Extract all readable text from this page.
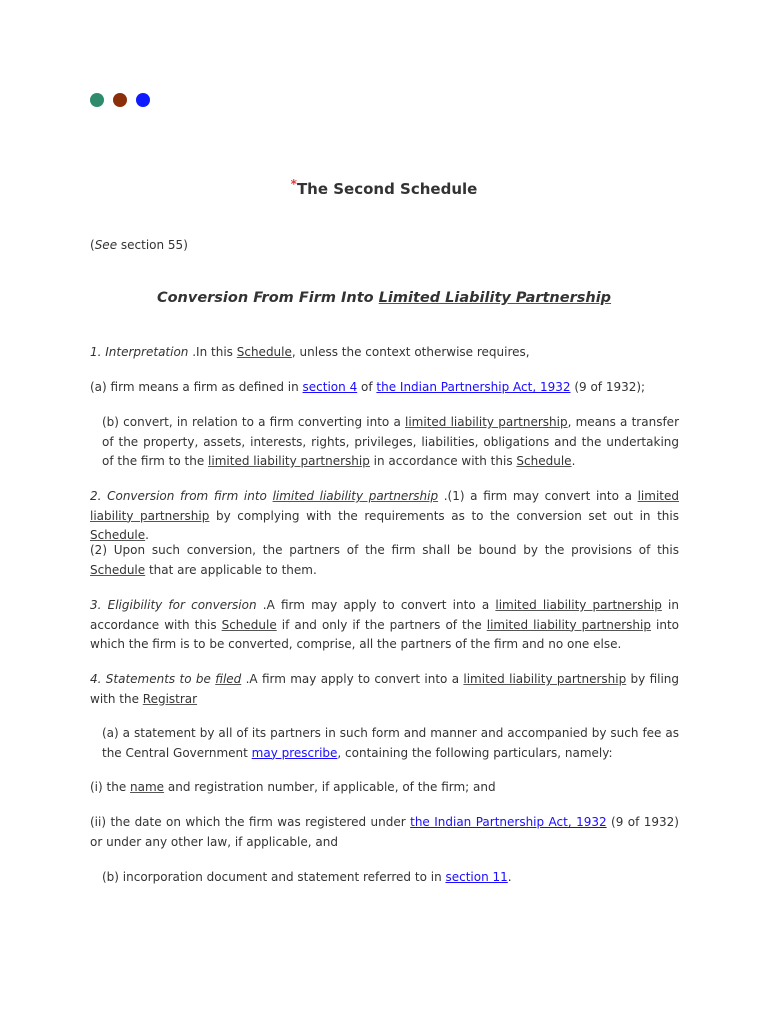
*The Second Schedule
(See section 55)
Conversion From Firm Into Limited Liability Partnership

1. Interpretation .In this Schedule, unless the context otherwise requires,

(a) firm means a firm as defined in section 4 of the Indian Partnership Act, 1932 (9 of 1932);

(b) convert, in relation to a firm converting into a limited liability partnership, means a transfer of the property, assets, interests, rights, privileges, liabilities, obligations and the undertaking of the firm to the limited liability partnership in accordance with this Schedule.

2. Conversion from firm into limited liability partnership .(1) a firm may convert into a limited liability partnership by complying with the requirements as to the conversion set out in this Schedule.

(2) Upon such conversion, the partners of the firm shall be bound by the provisions of this Schedule that are applicable to them.

3. Eligibility for conversion .A firm may apply to convert into a limited liability partnership in accordance with this Schedule if and only if the partners of the limited liability partnership into which the firm is to be converted, comprise, all the partners of the firm and no one else.

4. Statements to be filed .A firm may apply to convert into a limited liability partnership by filing with the Registrar

(a) a statement by all of its partners in such form and manner and accompanied by such fee as the Central Government may prescribe, containing the following particulars, namely:

(i) the name and registration number, if applicable, of the firm; and

(ii) the date on which the firm was registered under the Indian Partnership Act, 1932 (9 of 1932) or under any other law, if applicable, and

(b) incorporation document and statement referred to in section 11.
